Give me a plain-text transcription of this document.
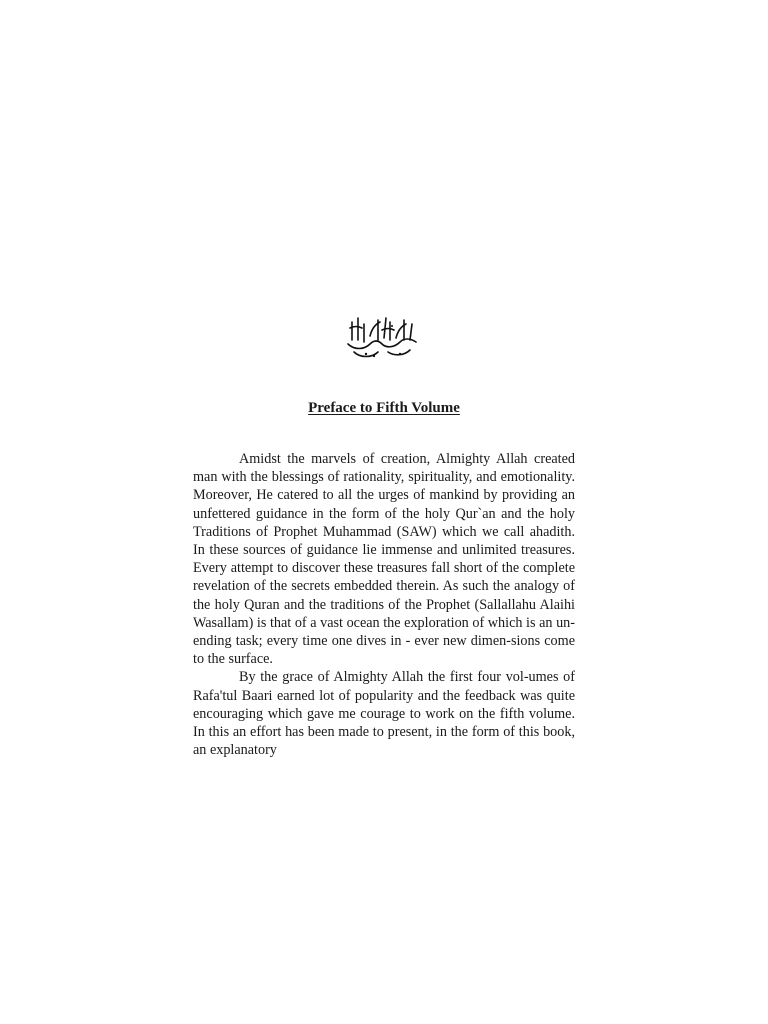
Preface to Fifth Volume

Amidst the marvels of creation, Almighty Allah created man with the blessings of rationality, spirituality, and emotionality. Moreover, He catered to all the urges of mankind by providing an unfettered guidance in the form of the holy Qur`an and the holy Traditions of Prophet Muhammad (SAW) which we call ahadith. In these sources of guidance lie immense and unlimited treasures. Every attempt to discover these treasures fall short of the complete revelation of the secrets embedded therein. As such the analogy of the holy Quran and the traditions of the Prophet (Sallallahu Alaihi Wasallam) is that of a vast ocean the exploration of which is an un-ending task; every time one dives in - ever new dimen-sions come to the surface.

By the grace of Almighty Allah the first four vol-umes of Rafa'tul Baari earned lot of popularity and the feedback was quite encouraging which gave me courage to work on the fifth volume. In this an effort has been made to present, in the form of this book, an explanatory
